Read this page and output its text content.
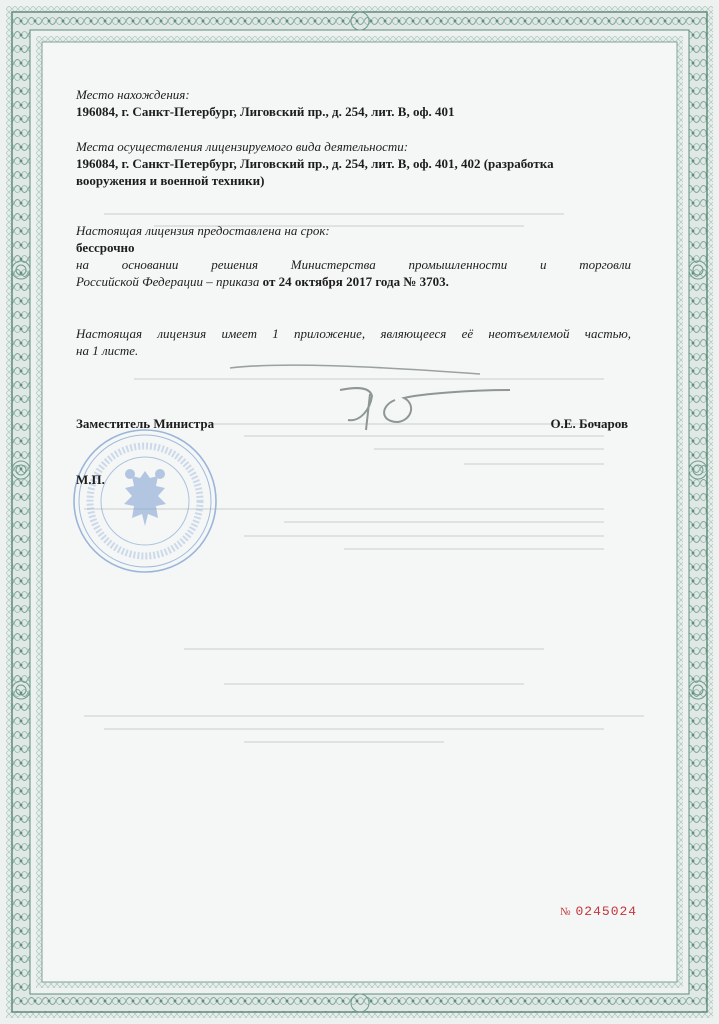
Место нахождения:
196084, г. Санкт-Петербург, Лиговский пр., д. 254, лит. В, оф. 401
Места осуществления лицензируемого вида деятельности:
196084, г. Санкт-Петербург, Лиговский пр., д. 254, лит. В, оф. 401, 402 (разработка
вооружения и военной техники)
Настоящая лицензия предоставлена на срок:
бессрочно
на основании решения Министерства промышленности и торговли
Российской Федерации – приказа от 24 октября 2017 года № 3703.
Настоящая лицензия имеет 1 приложение, являющееся её неотъемлемой частью,
на 1 листе.
Заместитель Министра	О.Е. Бочаров
М.П.
№ 0245024
